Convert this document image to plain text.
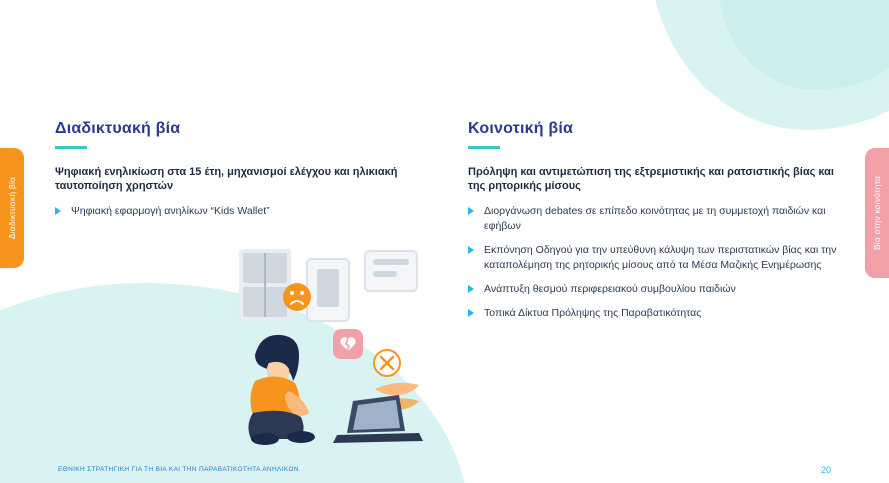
Διαδικτυακή βία	Βία στην κοινότητα
Διαδικτυακή βία

Ψηφιακή ενηλικίωση στα 15 έτη, μηχανισμοί ελέγχου και ηλικιακή ταυτοποίηση χρηστών

Ψηφιακή εφαρμογή ανηλίκων “Kids Wallet”
Κοινοτική βία

Πρόληψη και αντιμετώπιση της εξτρεμιστικής και ρατσιστικής βίας και της ρητορικής μίσους

Διοργάνωση debates σε επίπεδο κοινότητας με τη συμμετοχή παιδιών και εφήβων
Εκπόνηση Οδηγού για την υπεύθυνη κάλυψη των περιστατικών βίας και την καταπολέμηση της ρητορικής μίσους από τα Μέσα Μαζικής Ενημέρωσης
Ανάπτυξη θεσμού περιφερειακού συμβουλίου παιδιών
Τοπικά Δίκτυα Πρόληψης της Παραβατικότητας
ΕΘΝΙΚΗ ΣΤΡΑΤΗΓΙΚΗ ΓΙΑ ΤΗ ΒΙΑ ΚΑΙ ΤΗΝ ΠΑΡΑΒΑΤΙΚΟΤΗΤΑ ΑΝΗΛΙΚΩΝ	20
